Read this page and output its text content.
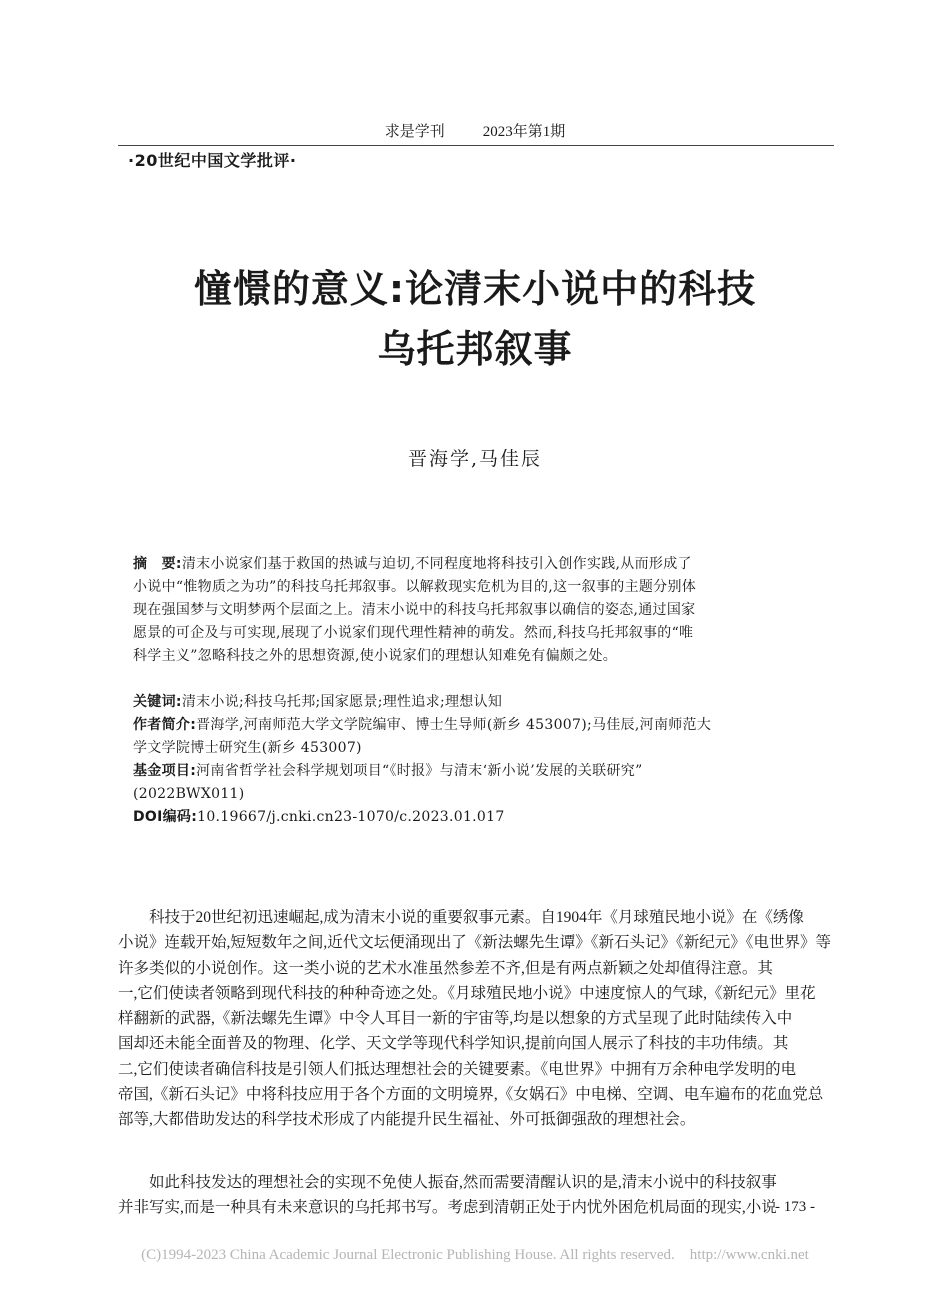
求是学刊	2023年第1期
·20世纪中国文学批评·
憧憬的意义:论清末小说中的科技
乌托邦叙事
晋海学,马佳辰

摘　要:清末小说家们基于救国的热诚与迫切,不同程度地将科技引入创作实践,从而形成了

小说中“惟物质之为功”的科技乌托邦叙事。以解救现实危机为目的,这一叙事的主题分别体

现在强国梦与文明梦两个层面之上。清末小说中的科技乌托邦叙事以确信的姿态,通过国家

愿景的可企及与可实现,展现了小说家们现代理性精神的萌发。然而,科技乌托邦叙事的“唯

科学主义”忽略科技之外的思想资源,使小说家们的理想认知难免有偏颇之处。

关键词:清末小说;科技乌托邦;国家愿景;理性追求;理想认知

作者简介:晋海学,河南师范大学文学院编审、博士生导师(新乡 453007);马佳辰,河南师范大

学文学院博士研究生(新乡 453007)

基金项目:河南省哲学社会科学规划项目“《时报》与清末‘新小说’发展的关联研究”

(2022BWX011)

DOI编码:10.19667/j.cnki.cn23-1070/c.2023.01.017

科技于20世纪初迅速崛起,成为清末小说的重要叙事元素。自1904年《月球殖民地小说》在《绣像

小说》连载开始,短短数年之间,近代文坛便涌现出了《新法螺先生谭》《新石头记》《新纪元》《电世界》等

许多类似的小说创作。这一类小说的艺术水准虽然参差不齐,但是有两点新颖之处却值得注意。其

一,它们使读者领略到现代科技的种种奇迹之处。《月球殖民地小说》中速度惊人的气球,《新纪元》里花

样翻新的武器,《新法螺先生谭》中令人耳目一新的宇宙等,均是以想象的方式呈现了此时陆续传入中

国却还未能全面普及的物理、化学、天文学等现代科学知识,提前向国人展示了科技的丰功伟绩。其

二,它们使读者确信科技是引领人们抵达理想社会的关键要素。《电世界》中拥有万余种电学发明的电

帝国,《新石头记》中将科技应用于各个方面的文明境界,《女娲石》中电梯、空调、电车遍布的花血党总

部等,大都借助发达的科学技术形成了内能提升民生福祉、外可抵御强敌的理想社会。

如此科技发达的理想社会的实现不免使人振奋,然而需要清醒认识的是,清末小说中的科技叙事

并非写实,而是一种具有未来意识的乌托邦书写。考虑到清朝正处于内忧外困危机局面的现实,小说

- 173 -
(C)1994-2023 China Academic Journal Electronic Publishing House. All rights reserved.　http://www.cnki.net
